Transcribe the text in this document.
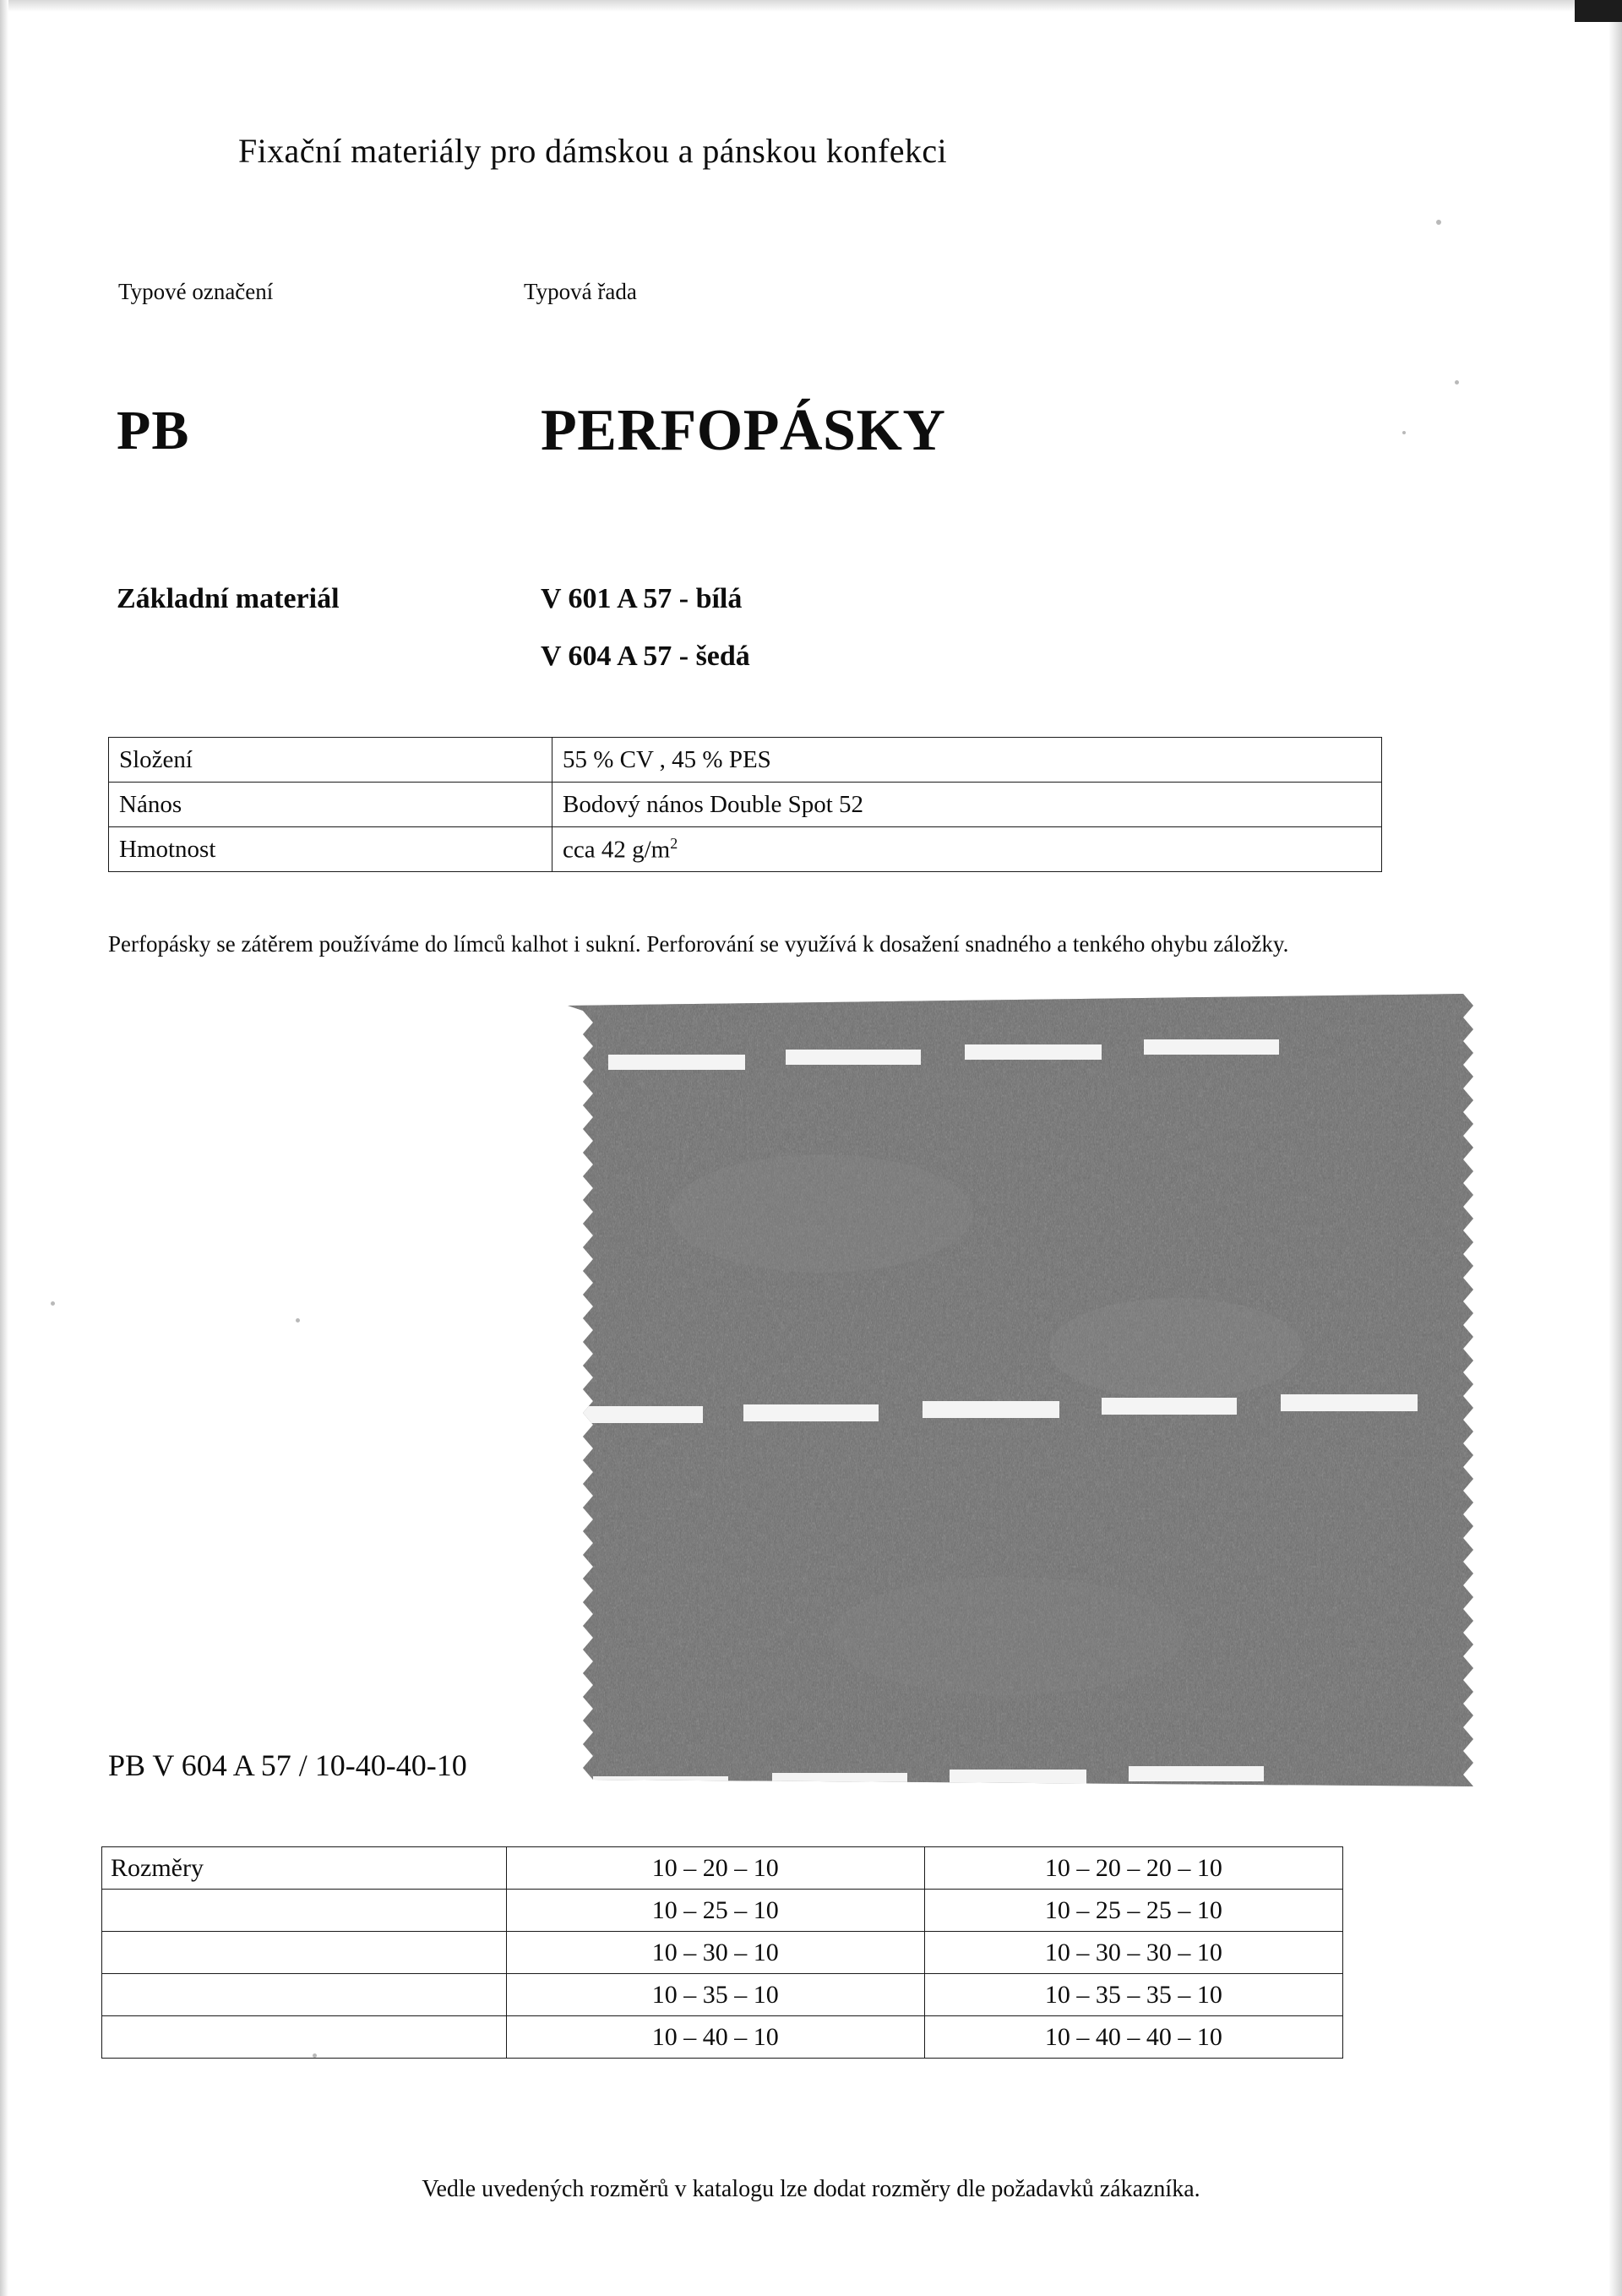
Fixační materiály pro dámskou a pánskou konfekci
Typové označení	Typová řada
PB	PERFOPÁSKY
Základní materiál	V 601 A 57 - bílá
V 604 A 57 - šedá
Složení	55 % CV , 45 % PES
Nános	Bodový nános Double Spot 52
Hmotnost	cca 42 $g/m^2$
Perfopásky se zátěrem používáme do límců kalhot i sukní. Perforování se využívá k dosažení snadného a tenkého ohybu záložky.
PB V 604 A 57 / 10-40-40-10
Rozměry	10 – 20 – 10	10 – 20 – 20 – 10
	10 – 25 – 10	10 – 25 – 25 – 10
	10 – 30 – 10	10 – 30 – 30 – 10
	10 – 35 – 10	10 – 35 – 35 – 10
	10 – 40 – 10	10 – 40 – 40 – 10
Vedle uvedených rozměrů v katalogu lze dodat rozměry dle požadavků zákazníka.
